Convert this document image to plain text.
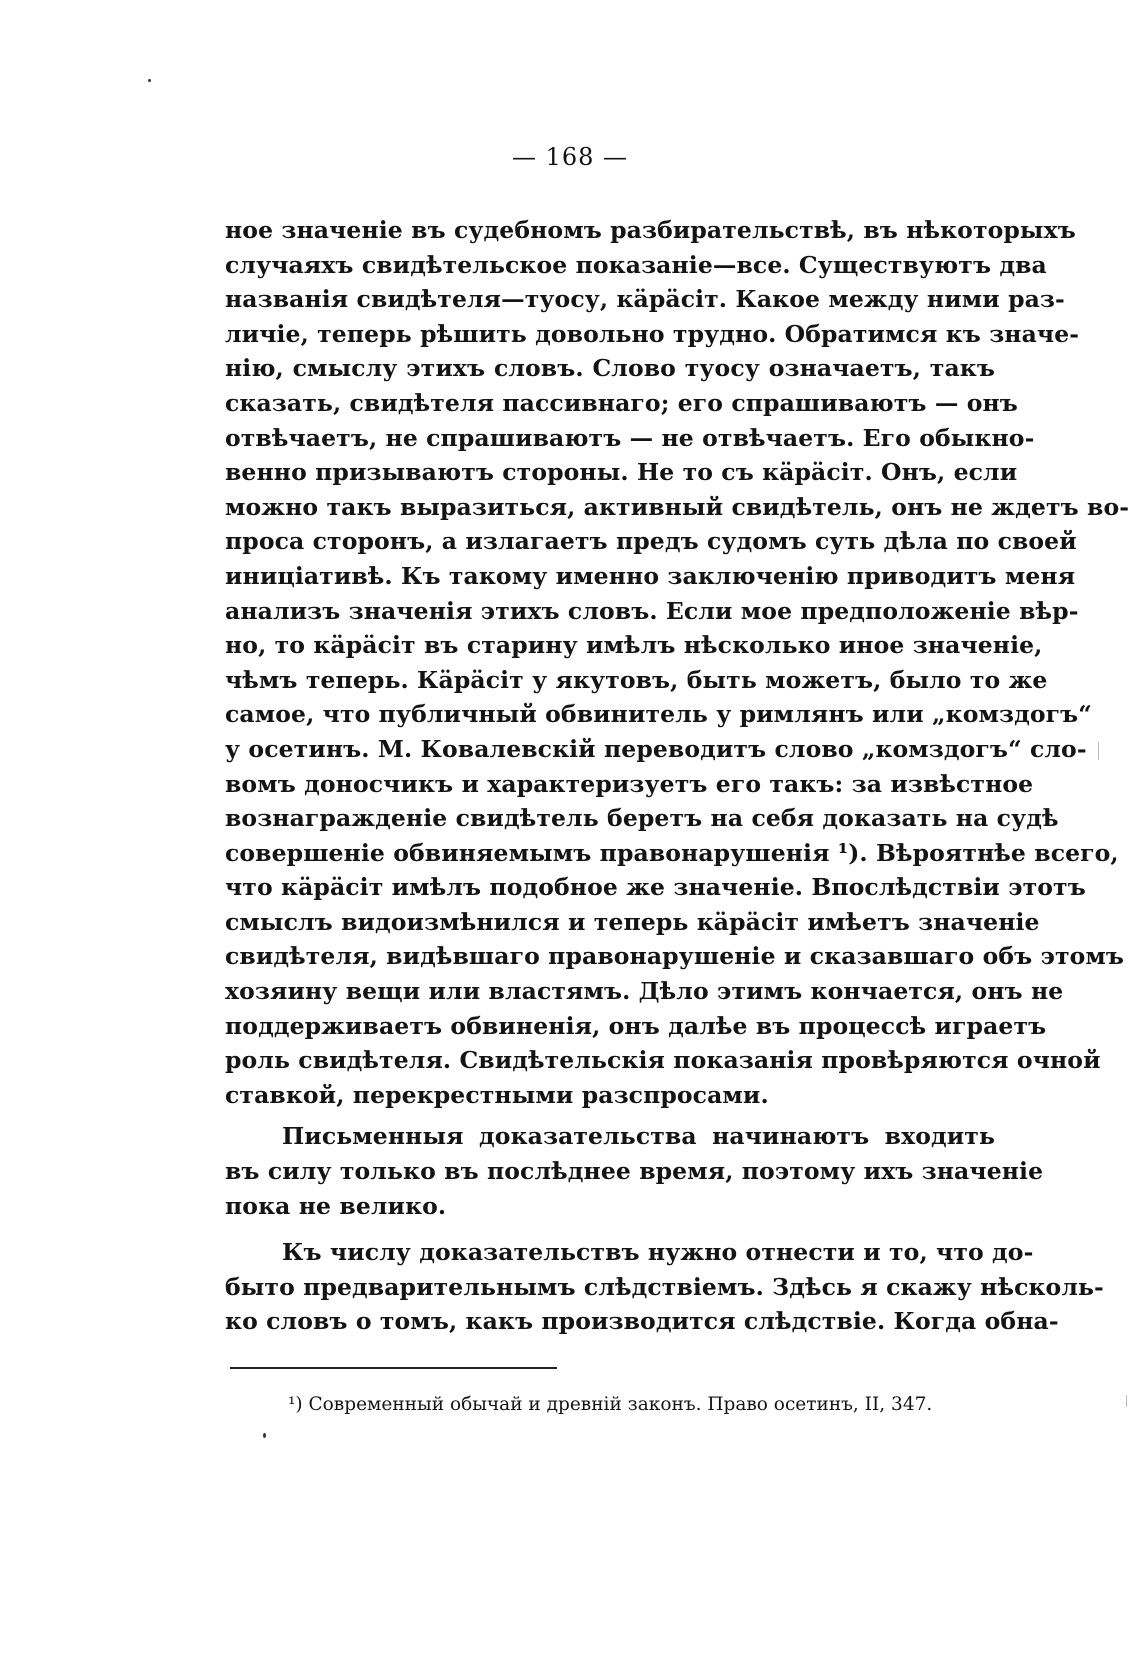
— 168 —
ное значеніе въ судебномъ разбирательствѣ, въ нѣкоторыхъ
случаяхъ свидѣтельское показаніе—все. Существуютъ два
названія свидѣтеля—туосу, кäрäсiт. Какое между ними раз-
личіе, теперь рѣшить довольно трудно. Обратимся къ значе-
нію, смыслу этихъ словъ. Слово туосу означаетъ, такъ
сказать, свидѣтеля пассивнаго; его спрашиваютъ — онъ
отвѣчаетъ, не спрашиваютъ — не отвѣчаетъ. Его обыкно-
венно призываютъ стороны. Не то съ кäрäсiт. Онъ, если
можно такъ выразиться, активный свидѣтель, онъ не ждетъ во-
проса сторонъ, а излагаетъ предъ судомъ суть дѣла по своей
иниціативѣ. Къ такому именно заключенію приводитъ меня
анализъ значенія этихъ словъ. Если мое предположеніе вѣр-
но, то кäрäсiт въ старину имѣлъ нѣсколько иное значеніе,
чѣмъ теперь. Кäрäсiт у якутовъ, быть можетъ, было то же
самое, что публичный обвинитель у римлянъ или „комздогъ“
у осетинъ. М. Ковалевскій переводитъ слово „комздогъ“ сло-
вомъ доносчикъ и характеризуетъ его такъ: за извѣстное
вознагражденіе свидѣтель беретъ на себя доказать на судѣ
совершеніе обвиняемымъ правонарушенія ¹). Вѣроятнѣе всего,
что кäрäсiт имѣлъ подобное же значеніе. Впослѣдствіи этотъ
смыслъ видоизмѣнился и теперь кäрäсiт имѣетъ значеніе
свидѣтеля, видѣвшаго правонарушеніе и сказавшаго объ этомъ
хозяину вещи или властямъ. Дѣло этимъ кончается, онъ не
поддерживаетъ обвиненія, онъ далѣе въ процессѣ играетъ
роль свидѣтеля. Свидѣтельскія показанія провѣряются очной
ставкой, перекрестными разспросами.
Письменныя доказательства начинаютъ входить
въ силу только въ послѣднее время, поэтому ихъ значеніе
пока не велико.
Къ числу доказательствъ нужно отнести и то, что до-
быто предварительнымъ слѣдствіемъ. Здѣсь я скажу нѣсколь-
ко словъ о томъ, какъ производится слѣдствіе. Когда обна-
¹) Современный обычай и древній законъ. Право осетинъ, II, 347.
